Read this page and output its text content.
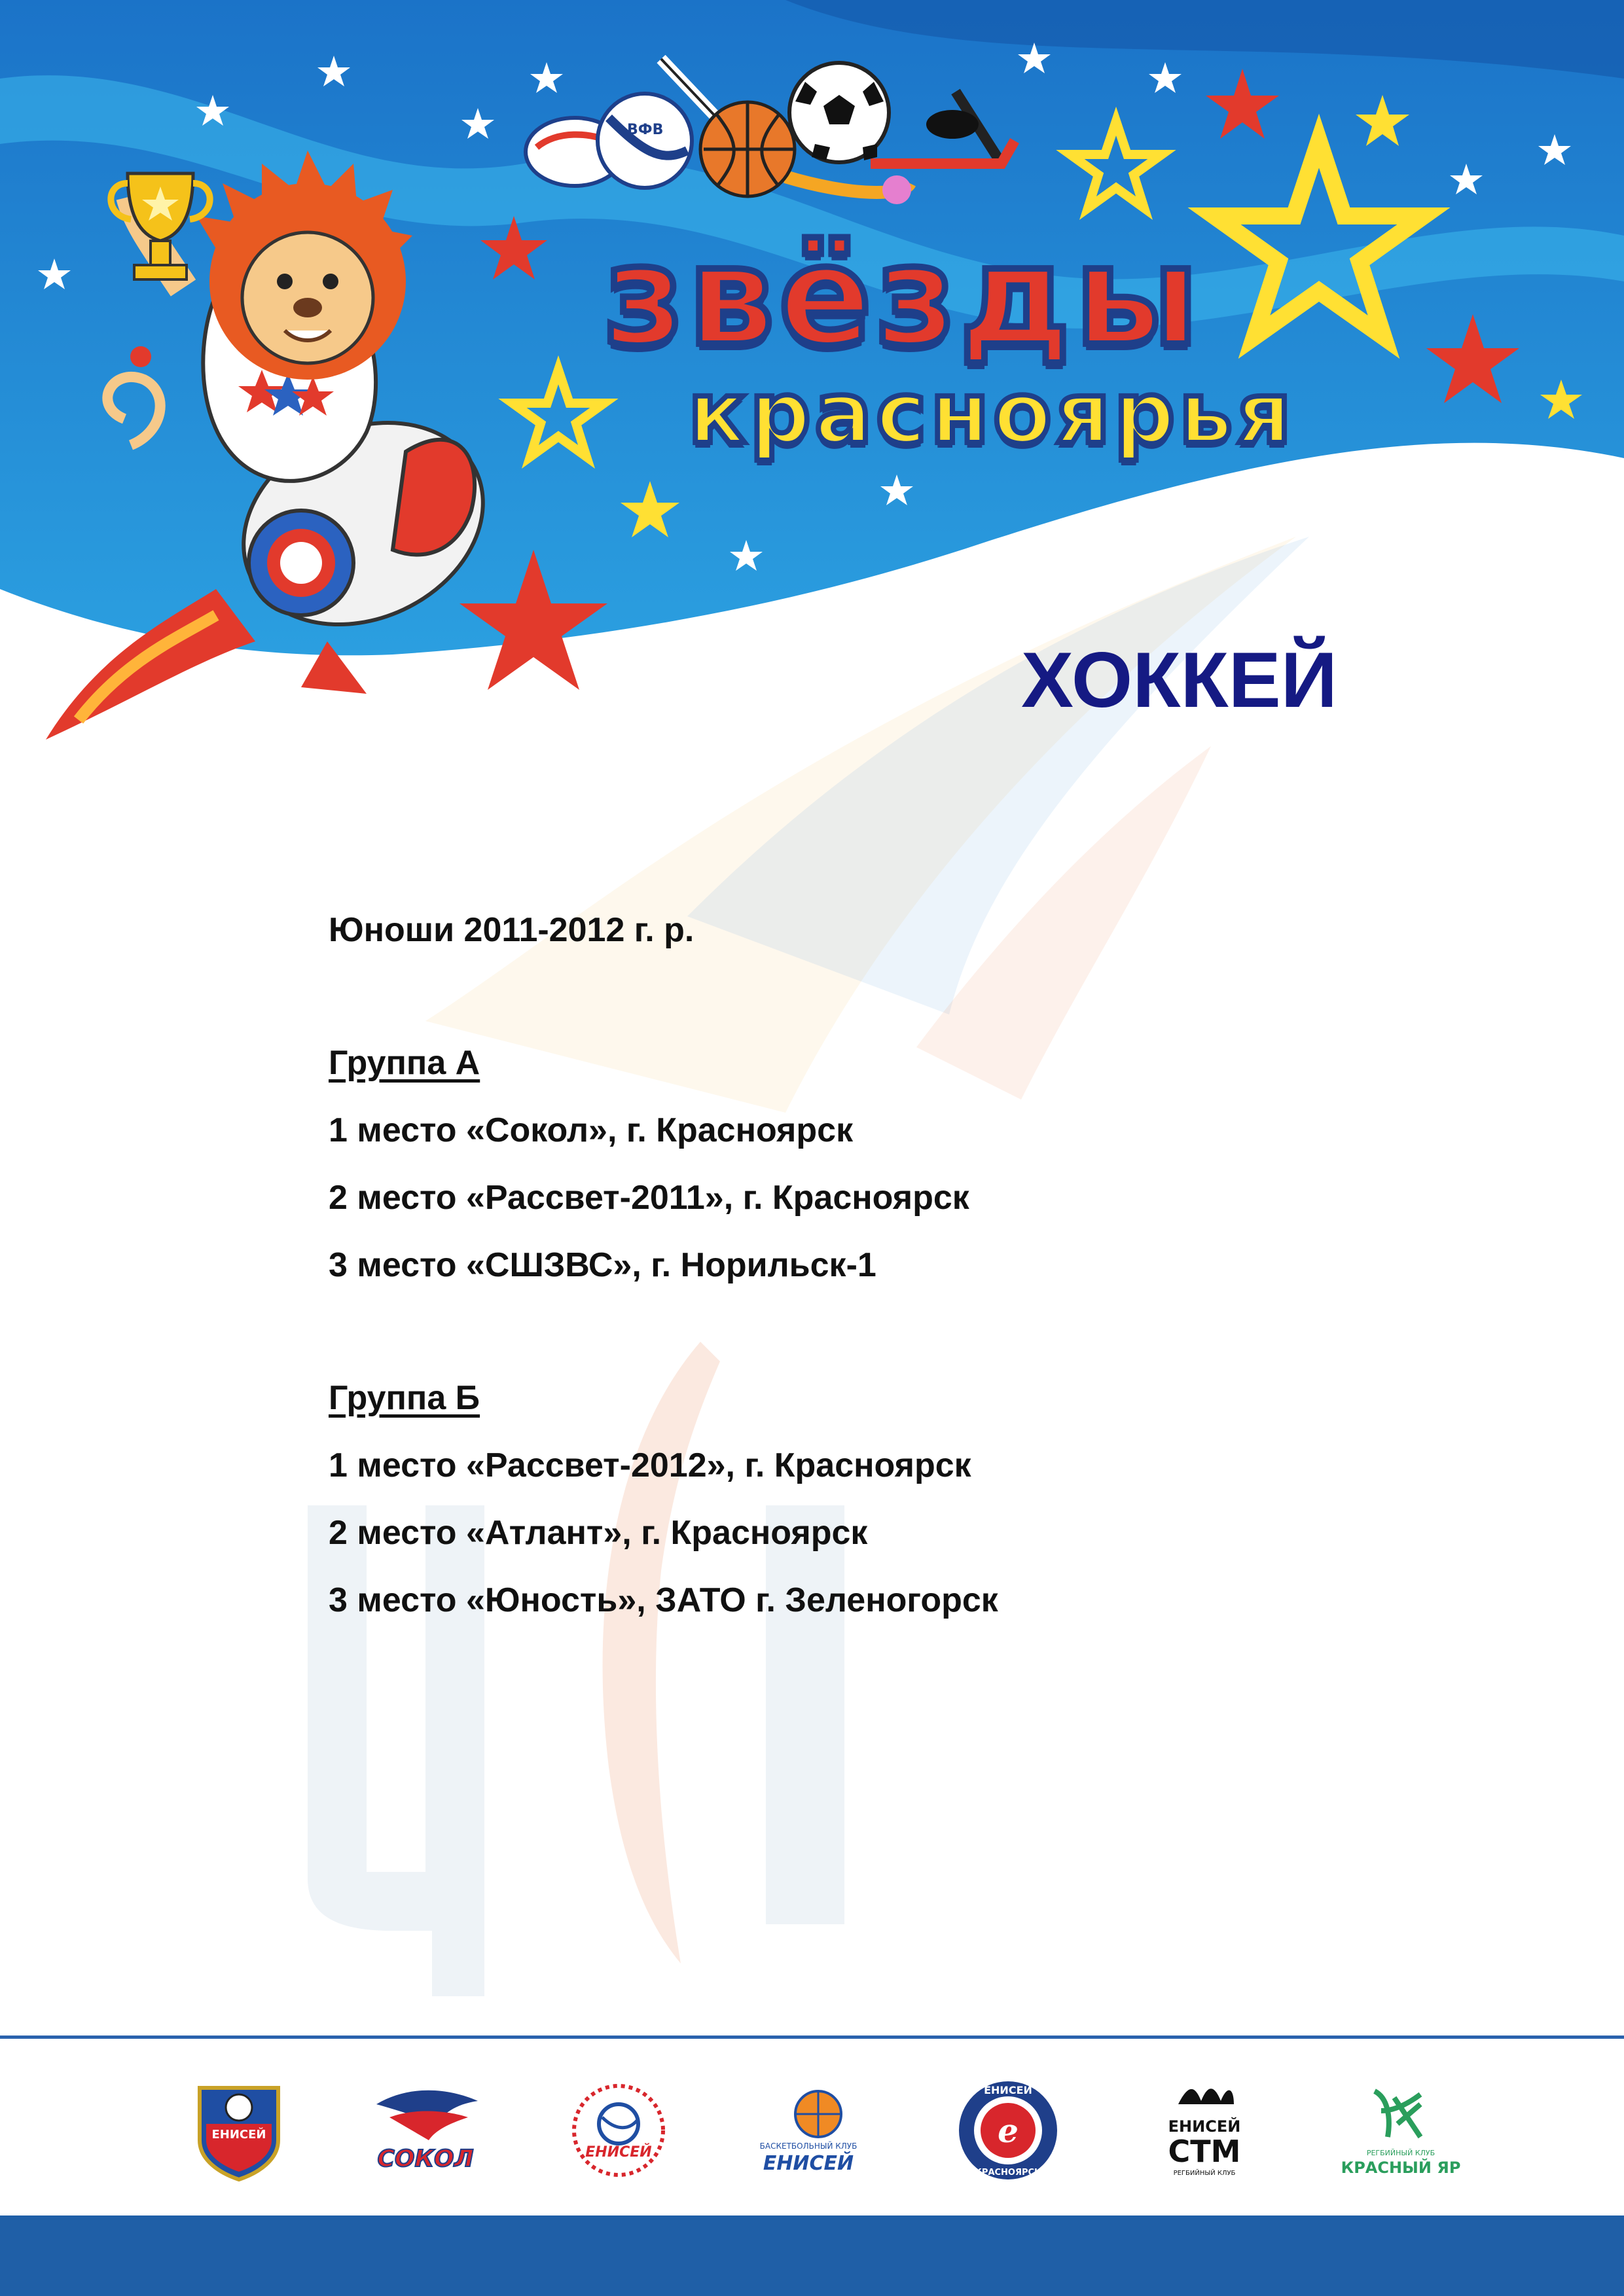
ВФВ
звёзды
красноярья
ХОККЕЙ
Юноши 2011-2012 г. р.
Группа А
1 место «Сокол», г. Красноярск
2 место «Рассвет-2011», г. Красноярск
3 место «СШЗВС», г. Норильск-1
Группа Б
1 место «Рассвет-2012», г. Красноярск
2 место «Атлант», г. Красноярск
3 место «Юность», ЗАТО г. Зеленогорск
ЕНИСЕЙ
СОКОЛ	ЕНИСЕЙ	БАСКЕТБОЛЬНЫЙ КЛУБ
ЕНИСЕЙ
е
ЕНИСЕЙ
КРАСНОЯРСК
ЕНИСЕЙ
СТМ
РЕГБИЙНЫЙ КЛУБ
РЕГБИЙНЫЙ КЛУБ
КРАСНЫЙ ЯР
